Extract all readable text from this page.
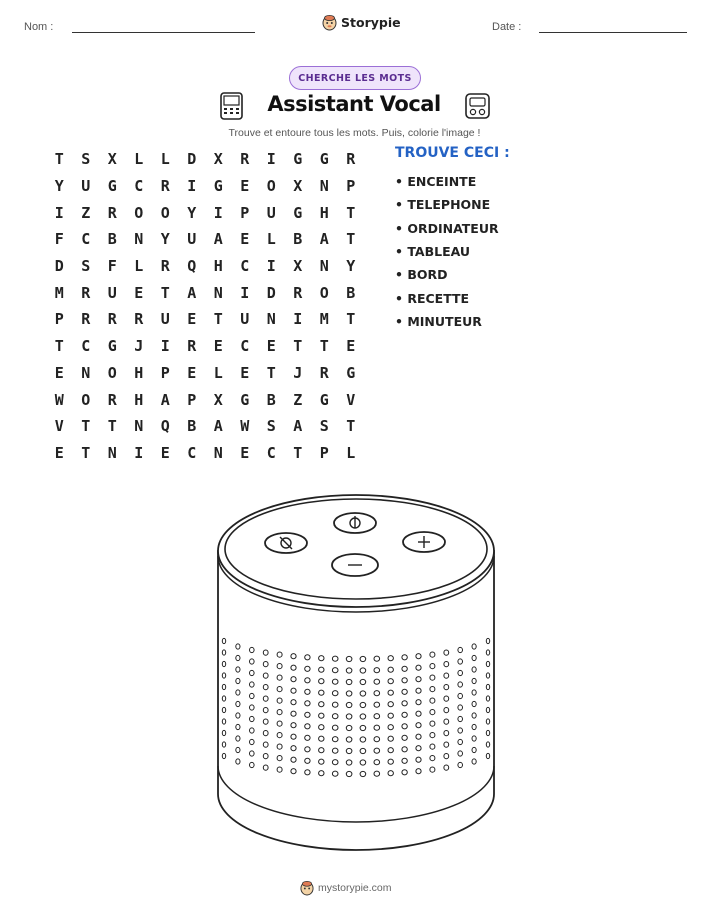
Nom :	Storypie	Date :
CHERCHE LES MOTS
Assistant Vocal
Trouve et entoure tous les mots. Puis, colorie l'image !
T	S	X	L	L	D	X	R	I	G	G	R
Y	U	G	C	R	I	G	E	O	X	N	P
I	Z	R	O	O	Y	I	P	U	G	H	T
F	C	B	N	Y	U	A	E	L	B	A	T
D	S	F	L	R	Q	H	C	I	X	N	Y
M	R	U	E	T	A	N	I	D	R	O	B
P	R	R	R	U	E	T	U	N	I	M	T
T	C	G	J	I	R	E	C	E	T	T	E
E	N	O	H	P	E	L	E	T	J	R	G
W	O	R	H	A	P	X	G	B	Z	G	V
V	T	T	N	Q	B	A	W	S	A	S	T
E	T	N	I	E	C	N	E	C	T	P	L
TROUVE CECI :
• ENCEINTE
• TELEPHONE
• ORDINATEUR
• TABLEAU
• BORD
• RECETTE
• MINUTEUR
mystorypie.com
